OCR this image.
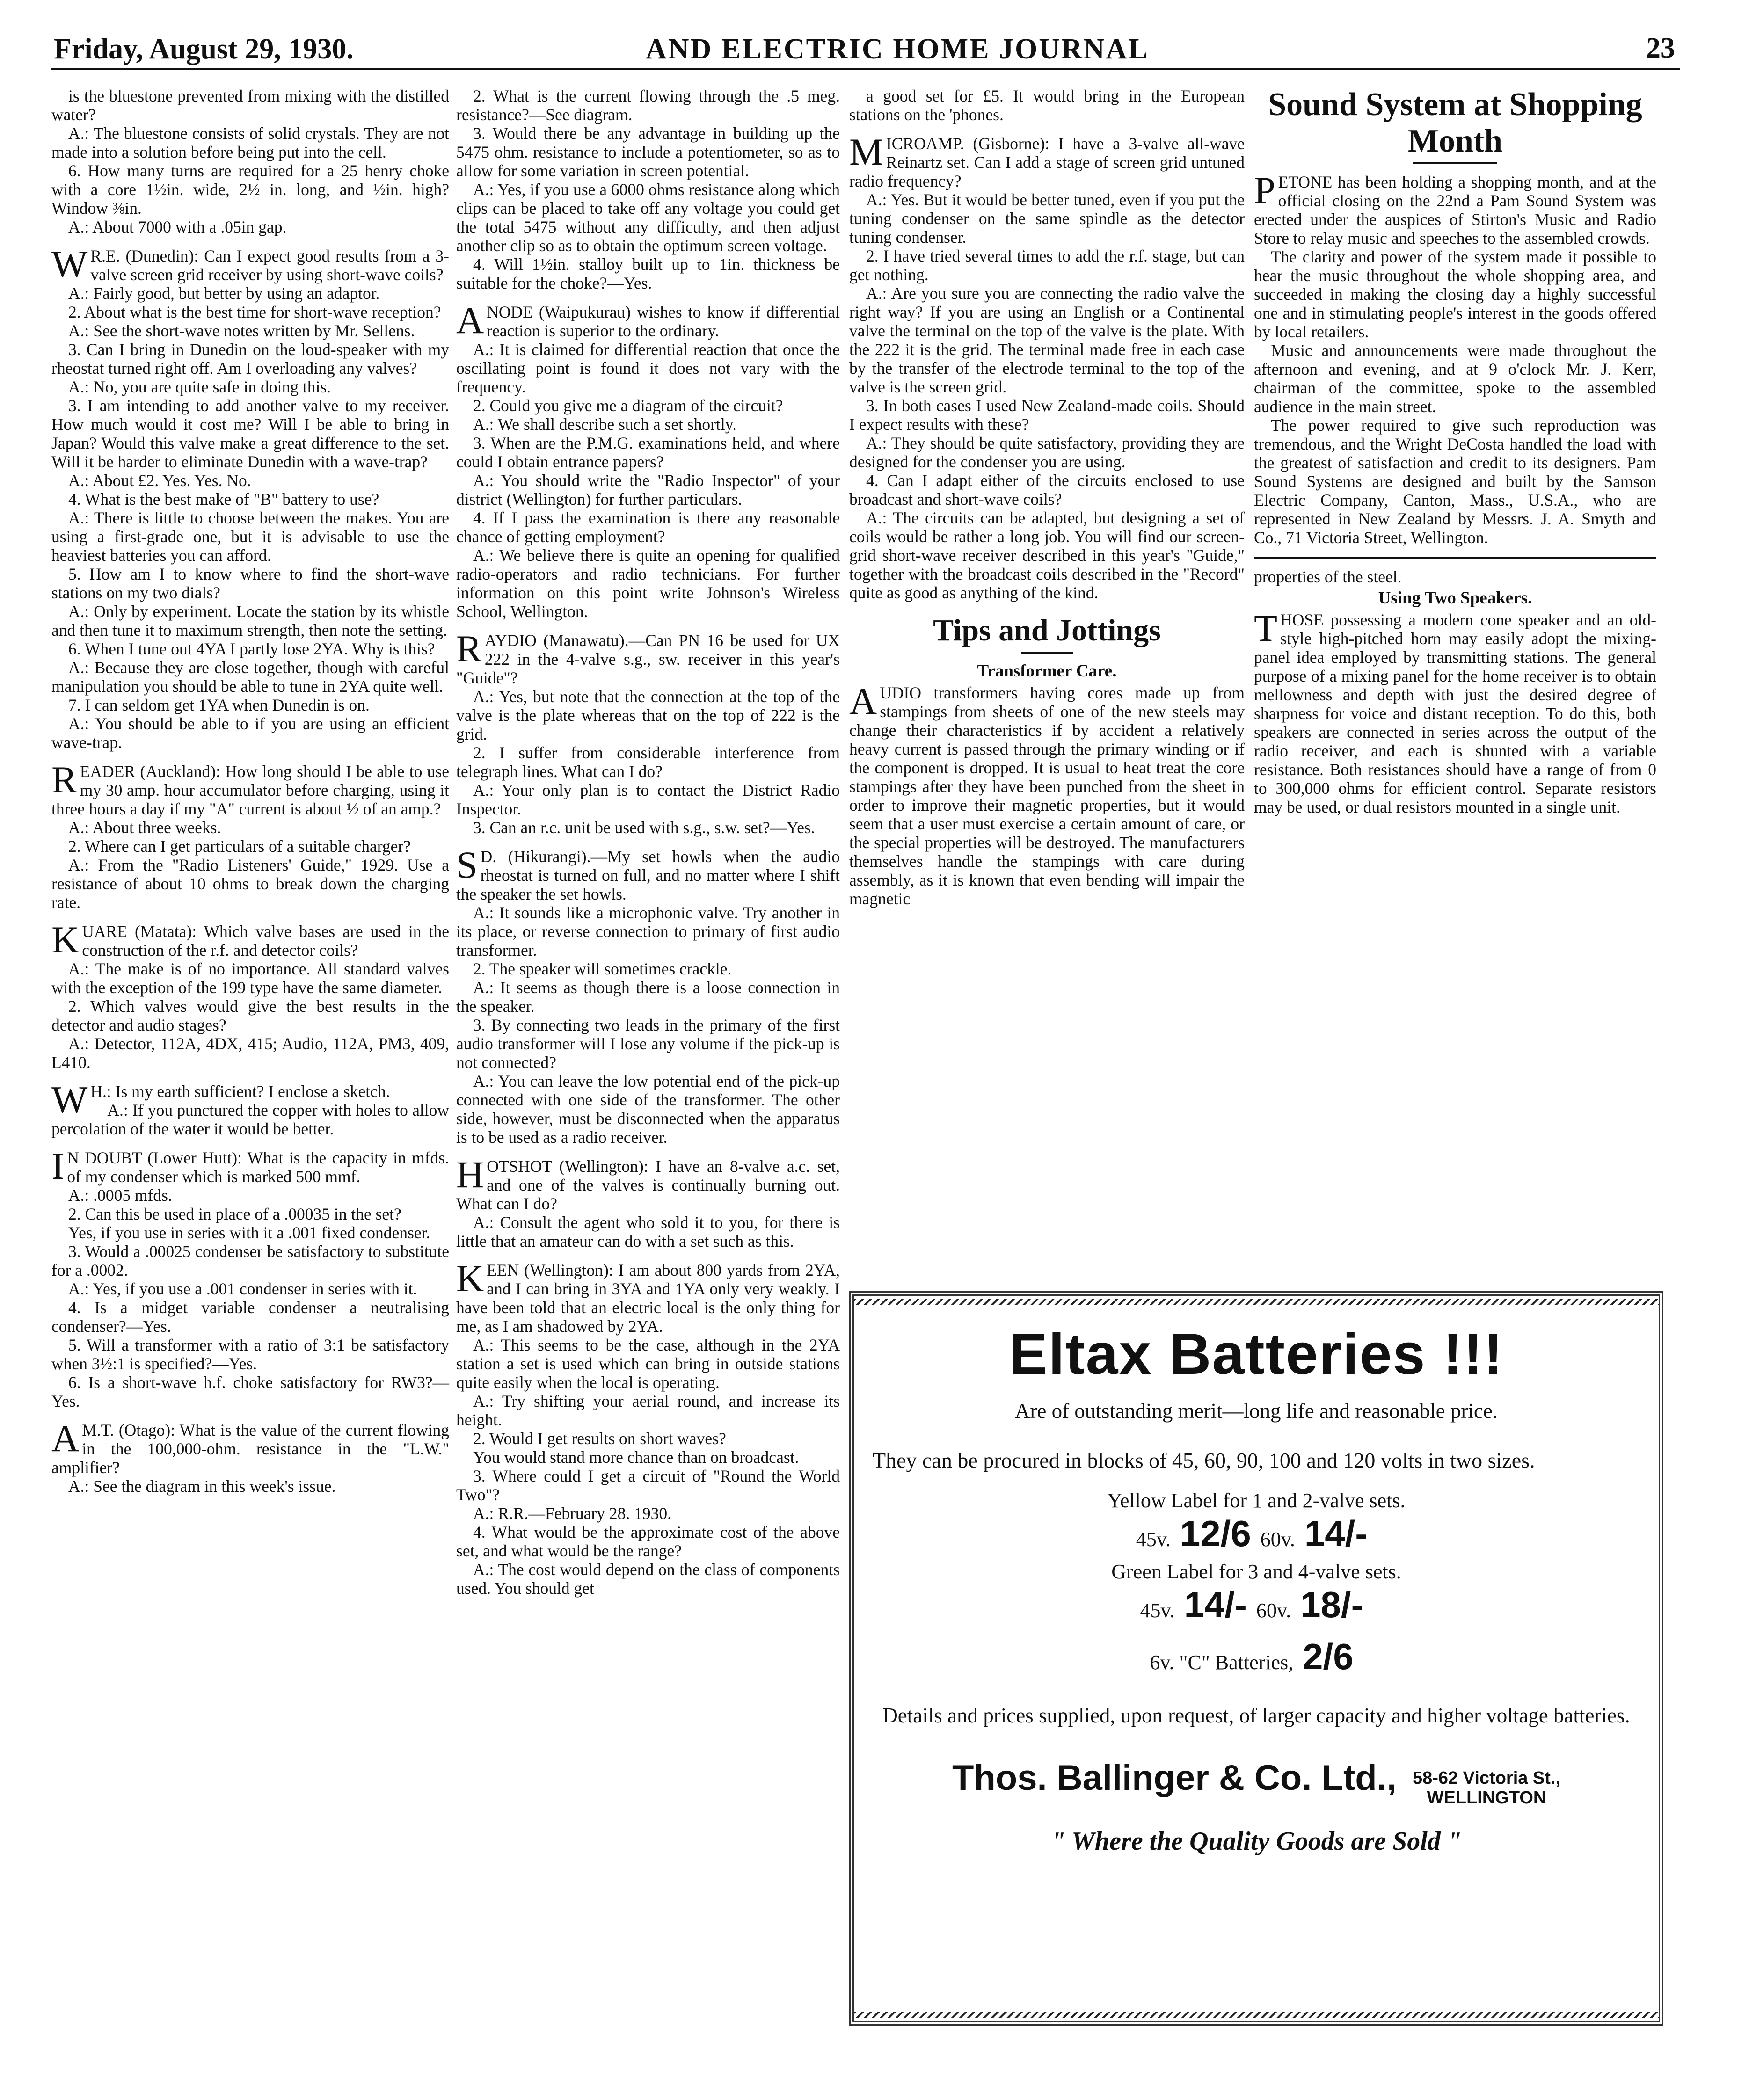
Friday, August 29, 1930.	AND ELECTRIC HOME JOURNAL	23

is the bluestone prevented from mixing with the distilled water?

A.: The bluestone consists of solid crystals. They are not made into a solution before being put into the cell.

6. How many turns are required for a 25 henry choke with a core 1½in. wide, 2½ in. long, and ½in. high? Window ⅜in.

A.: About 7000 with a .05in gap.

W R.E. (Dunedin): Can I expect good results from a 3-valve screen grid receiver by using short-wave coils?

A.: Fairly good, but better by using an adaptor.

2. About what is the best time for short-wave reception?

A.: See the short-wave notes written by Mr. Sellens.

3. Can I bring in Dunedin on the loud-speaker with my rheostat turned right off. Am I overloading any valves?

A.: No, you are quite safe in doing this.

3. I am intending to add another valve to my receiver. How much would it cost me? Will I be able to bring in Japan? Would this valve make a great difference to the set. Will it be harder to eliminate Dunedin with a wave-trap?

A.: About £2. Yes. Yes. No.

4. What is the best make of "B" battery to use?

A.: There is little to choose between the makes. You are using a first-grade one, but it is advisable to use the heaviest batteries you can afford.

5. How am I to know where to find the short-wave stations on my two dials?

A.: Only by experiment. Locate the station by its whistle and then tune it to maximum strength, then note the setting.

6. When I tune out 4YA I partly lose 2YA. Why is this?

A.: Because they are close together, though with careful manipulation you should be able to tune in 2YA quite well.

7. I can seldom get 1YA when Dunedin is on.

A.: You should be able to if you are using an efficient wave-trap.

READER (Auckland): How long should I be able to use my 30 amp. hour accumulator before charging, using it three hours a day if my "A" current is about ½ of an amp.?

A.: About three weeks.

2. Where can I get particulars of a suitable charger?

A.: From the "Radio Listeners' Guide," 1929. Use a resistance of about 10 ohms to break down the charging rate.

KUARE (Matata): Which valve bases are used in the construction of the r.f. and detector coils?

A.: The make is of no importance. All standard valves with the exception of the 199 type have the same diameter.

2. Which valves would give the best results in the detector and audio stages?

A.: Detector, 112A, 4DX, 415; Audio, 112A, PM3, 409, L410.

W H.: Is my earth sufficient? I enclose a sketch.

A.: If you punctured the copper with holes to allow percolation of the water it would be better.

I N DOUBT (Lower Hutt): What is the capacity in mfds. of my condenser which is marked 500 mmf.

A.: .0005 mfds.

2. Can this be used in place of a .00035 in the set?

Yes, if you use in series with it a .001 fixed condenser.

3. Would a .00025 condenser be satisfactory to substitute for a .0002.

A.: Yes, if you use a .001 condenser in series with it.

4. Is a midget variable condenser a neutralising condenser?—Yes.

5. Will a transformer with a ratio of 3:1 be satisfactory when 3½:1 is specified?—Yes.

6. Is a short-wave h.f. choke satisfactory for RW3?—Yes.

A M.T. (Otago): What is the value of the current flowing in the 100,000-ohm. resistance in the "L.W." amplifier?

A.: See the diagram in this week's issue.

2. What is the current flowing through the .5 meg. resistance?—See diagram.

3. Would there be any advantage in building up the 5475 ohm. resistance to include a potentiometer, so as to allow for some variation in screen potential.

A.: Yes, if you use a 6000 ohms resistance along which clips can be placed to take off any voltage you could get the total 5475 without any difficulty, and then adjust another clip so as to obtain the optimum screen voltage.

4. Will 1½in. stalloy built up to 1in. thickness be suitable for the choke?—Yes.

ANODE (Waipukurau) wishes to know if differential reaction is superior to the ordinary.

A.: It is claimed for differential reaction that once the oscillating point is found it does not vary with the frequency.

2. Could you give me a diagram of the circuit?

A.: We shall describe such a set shortly.

3. When are the P.M.G. examinations held, and where could I obtain entrance papers?

A.: You should write the "Radio Inspector" of your district (Wellington) for further particulars.

4. If I pass the examination is there any reasonable chance of getting employment?

A.: We believe there is quite an opening for qualified radio-operators and radio technicians. For further information on this point write Johnson's Wireless School, Wellington.

RAYDIO (Manawatu).—Can PN 16 be used for UX 222 in the 4-valve s.g., sw. receiver in this year's "Guide"?

A.: Yes, but note that the connection at the top of the valve is the plate whereas that on the top of 222 is the grid.

2. I suffer from considerable interference from telegraph lines. What can I do?

A.: Your only plan is to contact the District Radio Inspector.

3. Can an r.c. unit be used with s.g., s.w. set?—Yes.

S D. (Hikurangi).—My set howls when the audio rheostat is turned on full, and no matter where I shift the speaker the set howls.

A.: It sounds like a microphonic valve. Try another in its place, or reverse connection to primary of first audio transformer.

2. The speaker will sometimes crackle.

A.: It seems as though there is a loose connection in the speaker.

3. By connecting two leads in the primary of the first audio transformer will I lose any volume if the pick-up is not connected?

A.: You can leave the low potential end of the pick-up connected with one side of the transformer. The other side, however, must be disconnected when the apparatus is to be used as a radio receiver.

HOTSHOT (Wellington): I have an 8-valve a.c. set, and one of the valves is continually burning out. What can I do?

A.: Consult the agent who sold it to you, for there is little that an amateur can do with a set such as this.

KEEN (Wellington): I am about 800 yards from 2YA, and I can bring in 3YA and 1YA only very weakly. I have been told that an electric local is the only thing for me, as I am shadowed by 2YA.

A.: This seems to be the case, although in the 2YA station a set is used which can bring in outside stations quite easily when the local is operating.

A.: Try shifting your aerial round, and increase its height.

2. Would I get results on short waves?

You would stand more chance than on broadcast.

3. Where could I get a circuit of "Round the World Two"?

A.: R.R.—February 28. 1930.

4. What would be the approximate cost of the above set, and what would be the range?

A.: The cost would depend on the class of components used. You should get

a good set for £5. It would bring in the European stations on the 'phones.

MICROAMP. (Gisborne): I have a 3-valve all-wave Reinartz set. Can I add a stage of screen grid untuned radio frequency?

A.: Yes. But it would be better tuned, even if you put the tuning condenser on the same spindle as the detector tuning condenser.

2. I have tried several times to add the r.f. stage, but can get nothing.

A.: Are you sure you are connecting the radio valve the right way? If you are using an English or a Continental valve the terminal on the top of the valve is the plate. With the 222 it is the grid. The terminal made free in each case by the transfer of the electrode terminal to the top of the valve is the screen grid.

3. In both cases I used New Zealand-made coils. Should I expect results with these?

A.: They should be quite satisfactory, providing they are designed for the condenser you are using.

4. Can I adapt either of the circuits enclosed to use broadcast and short-wave coils?

A.: The circuits can be adapted, but designing a set of coils would be rather a long job. You will find our screen-grid short-wave receiver described in this year's "Guide," together with the broadcast coils described in the "Record" quite as good as anything of the kind.

Tips and Jottings
Transformer Care.

AUDIO transformers having cores made up from stampings from sheets of one of the new steels may change their characteristics if by accident a relatively heavy current is passed through the primary winding or if the component is dropped. It is usual to heat treat the core stampings after they have been punched from the sheet in order to improve their magnetic properties, but it would seem that a user must exercise a certain amount of care, or the special properties will be destroyed. The manufacturers themselves handle the stampings with care during assembly, as it is known that even bending will impair the magnetic

Sound System at Shopping Month

PETONE has been holding a shopping month, and at the official closing on the 22nd a Pam Sound System was erected under the auspices of Stirton's Music and Radio Store to relay music and speeches to the assembled crowds.

The clarity and power of the system made it possible to hear the music throughout the whole shopping area, and succeeded in making the closing day a highly successful one and in stimulating people's interest in the goods offered by local retailers.

Music and announcements were made throughout the afternoon and evening, and at 9 o'clock Mr. J. Kerr, chairman of the committee, spoke to the assembled audience in the main street.

The power required to give such reproduction was tremendous, and the Wright DeCosta handled the load with the greatest of satisfaction and credit to its designers. Pam Sound Systems are designed and built by the Samson Electric Company, Canton, Mass., U.S.A., who are represented in New Zealand by Messrs. J. A. Smyth and Co., 71 Victoria Street, Wellington.

properties of the steel.

Using Two Speakers.

THOSE possessing a modern cone speaker and an old-style high-pitched horn may easily adopt the mixing-panel idea employed by transmitting stations. The general purpose of a mixing panel for the home receiver is to obtain mellowness and depth with just the desired degree of sharpness for voice and distant reception. To do this, both speakers are connected in series across the output of the radio receiver, and each is shunted with a variable resistance. Both resistances should have a range of from 0 to 300,000 ohms for efficient control. Separate resistors may be used, or dual resistors mounted in a single unit.

Eltax Batteries !!!
Are of outstanding merit—long life and reasonable price.
They can be procured in blocks of 45, 60, 90, 100 and 120 volts in two sizes.
Yellow Label for 1 and 2-valve sets.
45v. 12/6 60v. 14/-
Green Label for 3 and 4-valve sets.
45v. 14/- 60v. 18/-
6v. "C" Batteries, 2/6
Details and prices supplied, upon request, of larger capacity and higher voltage batteries.
Thos. Ballinger & Co. Ltd., 58-62 Victoria St.,
WELLINGTON
" Where the Quality Goods are Sold "
